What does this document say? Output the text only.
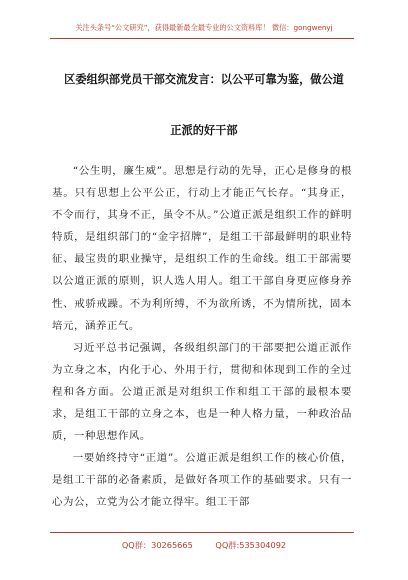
关注头条号“公文研究”，获得最新最全最专业的公文资料库！ 微信：gongwenyj
区委组织部党员干部交流发言：以公平可靠为鉴，做公道
正派的好干部

“公生明，廉生威”。思想是行动的先导，正心是修身的根基。只有思想上公平公正，行动上才能正气长存。“其身正，不令而行，其身不正，虽令不从。”公道正派是组织工作的鲜明特质，是组织部门的“金字招牌”，是组工干部最鲜明的职业特征、最宝贵的职业操守，是组织工作的生命线。组工干部需要以公道正派的原则，识人选人用人。组工干部自身更应修身养性、戒骄戒躁。不为利所缚，不为欲所诱，不为情所扰，固本培元，涵养正气。

习近平总书记强调，各级组织部门的干部要把公道正派作为立身之本，内化于心、外用于行，贯彻和体现到工作的全过程和各方面。公道正派是对组织工作和组工干部的最根本要求，是组工干部的立身之本，也是一种人格力量，一种政治品质，一种思想作风。

一要始终持守“正道”。公道正派是组织工作的核心价值，是组工干部的必备素质，是做好各项工作的基础要求。只有一心为公，立党为公才能立得牢。组工干部

QQ群：30265665	QQ群:535304092
